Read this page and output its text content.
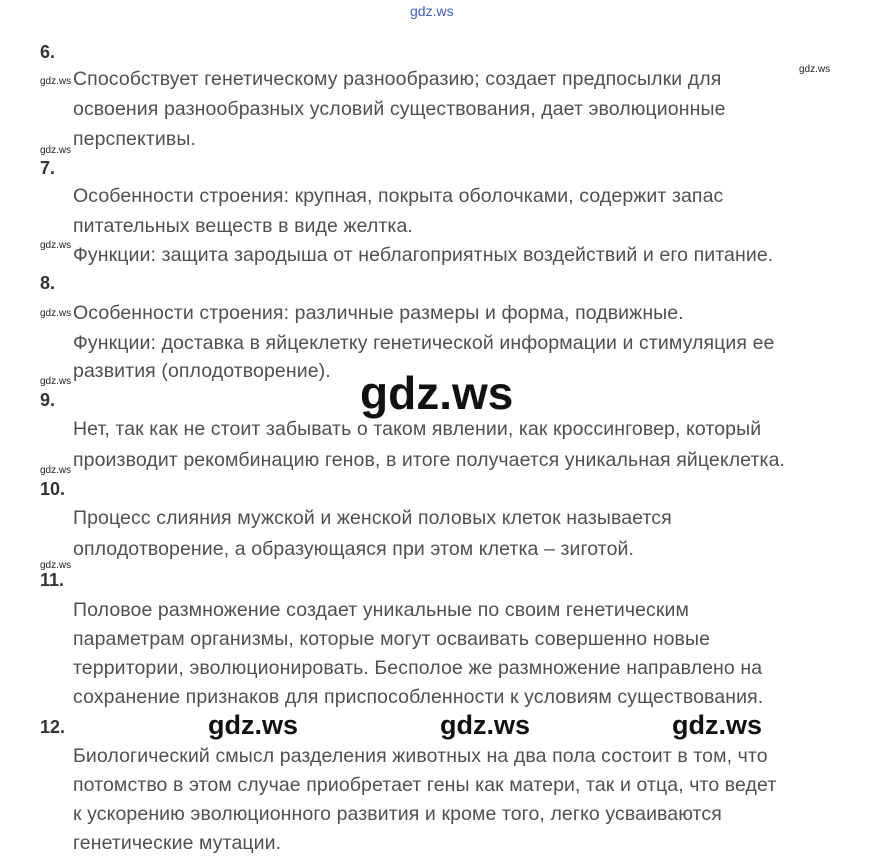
gdz.ws
6.
Способствует генетическому разнообразию; создает предпосылки для
освоения разнообразных условий существования, дает эволюционные
перспективы.
7.
Особенности строения: крупная, покрыта оболочками, содержит запас
питательных веществ в виде желтка.
Функции: защита зародыша от неблагоприятных воздействий и его питание.
8.
Особенности строения: различные размеры и форма, подвижные.
Функции: доставка в яйцеклетку генетической информации и стимуляция ее
развития (оплодотворение).
9.
Нет, так как не стоит забывать о таком явлении, как кроссинговер, который
производит рекомбинацию генов, в итоге получается уникальная яйцеклетка.
10.
Процесс слияния мужской и женской половых клеток называется
оплодотворение, а образующаяся при этом клетка – зиготой.
11.
Половое размножение создает уникальные по своим генетическим
параметрам организмы, которые могут осваивать совершенно новые
территории, эволюционировать. Бесполое же размножение направлено на
сохранение признаков для приспособленности к условиям существования.
12.
Биологический смысл разделения животных на два пола состоит в том, что
потомство в этом случае приобретает гены как матери, так и отца, что ведет
к ускорению эволюционного развития и кроме того, легко усваиваются
генетические мутации.
gdz.ws
gdz.ws
gdz.ws
gdz.ws
gdz.ws
gdz.ws
gdz.ws
gdz.ws
gdz.ws
gdz.ws	gdz.ws	gdz.ws
